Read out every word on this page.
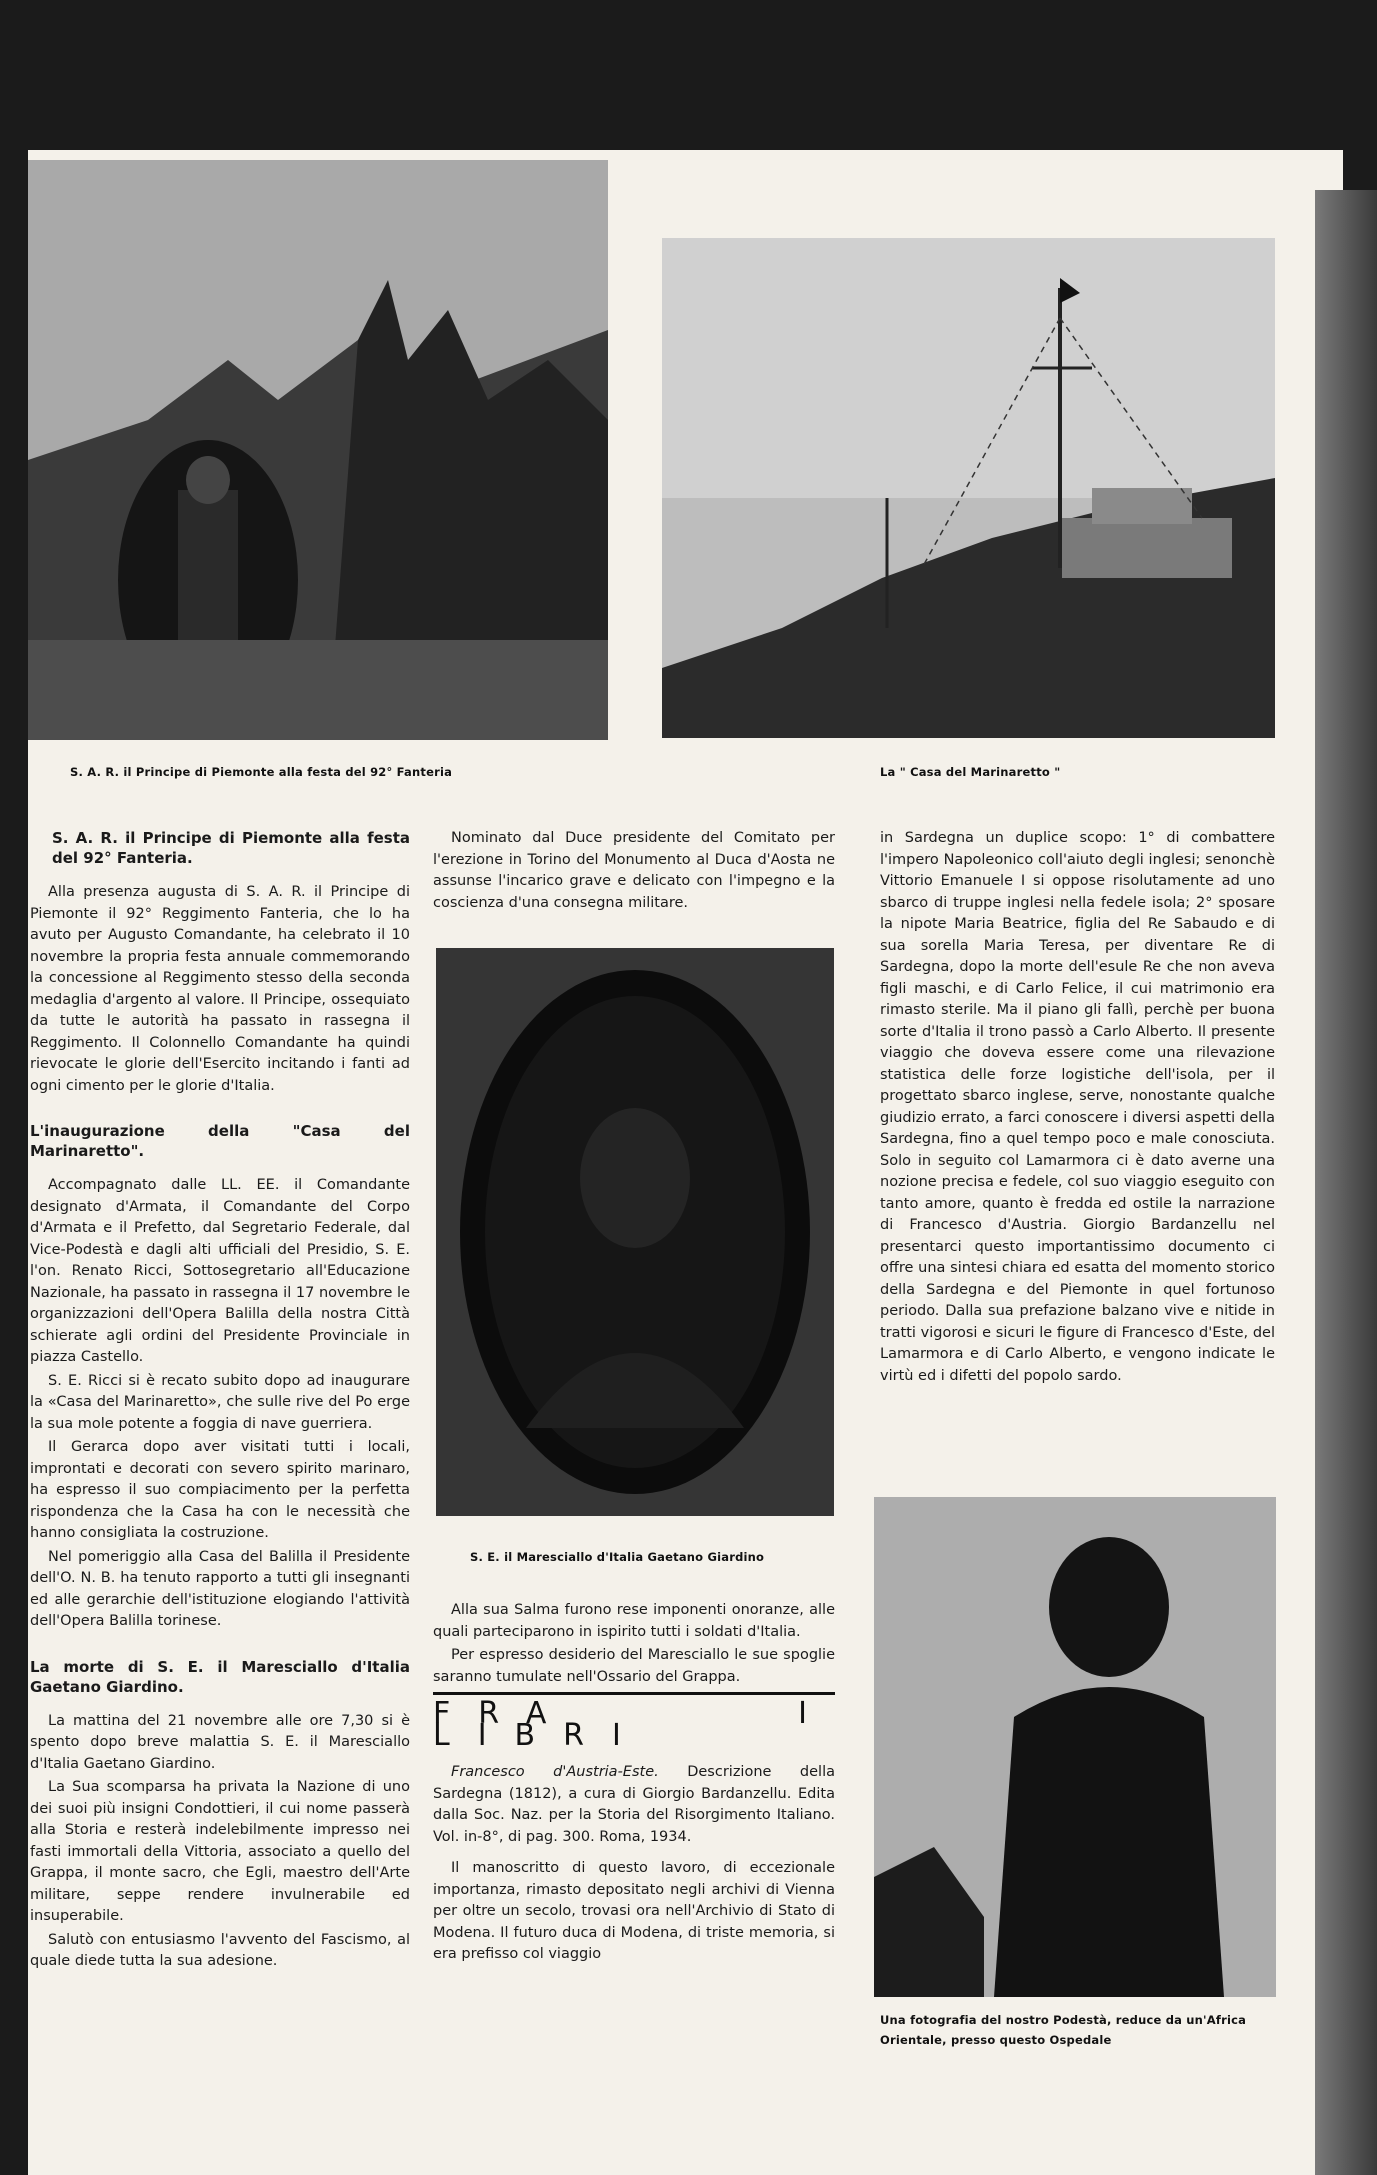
S. A. R. il Principe di Piemonte alla festa del 92° Fanteria	La " Casa del Marinaretto "
S. A. R. il Principe di Piemonte alla festa del 92° Fanteria.

Alla presenza augusta di S. A. R. il Principe di Piemonte il 92° Reggimento Fanteria, che lo ha avuto per Augusto Comandante, ha celebrato il 10 novembre la propria festa annuale commemorando la concessione al Reggimento stesso della seconda medaglia d'argento al valore. Il Principe, ossequiato da tutte le autorità ha passato in rassegna il Reggimento. Il Colonnello Comandante ha quindi rievocate le glorie dell'Esercito incitando i fanti ad ogni cimento per le glorie d'Italia.

L'inaugurazione della "Casa del Marinaretto".

Accompagnato dalle LL. EE. il Comandante designato d'Armata, il Comandante del Corpo d'Armata e il Prefetto, dal Segretario Federale, dal Vice-Podestà e dagli alti ufficiali del Presidio, S. E. l'on. Renato Ricci, Sottosegretario all'Educazione Nazionale, ha passato in rassegna il 17 novembre le organizzazioni dell'Opera Balilla della nostra Città schierate agli ordini del Presidente Provinciale in piazza Castello.

S. E. Ricci si è recato subito dopo ad inaugurare la «Casa del Marinaretto», che sulle rive del Po erge la sua mole potente a foggia di nave guerriera.

Il Gerarca dopo aver visitati tutti i locali, improntati e decorati con severo spirito marinaro, ha espresso il suo compiacimento per la perfetta rispondenza che la Casa ha con le necessità che hanno consigliata la costruzione.

Nel pomeriggio alla Casa del Balilla il Presidente dell'O. N. B. ha tenuto rapporto a tutti gli insegnanti ed alle gerarchie dell'istituzione elogiando l'attività dell'Opera Balilla torinese.

La morte di S. E. il Maresciallo d'Italia Gaetano Giardino.

La mattina del 21 novembre alle ore 7,30 si è spento dopo breve malattia S. E. il Maresciallo d'Italia Gaetano Giardino.

La Sua scomparsa ha privata la Nazione di uno dei suoi più insigni Condottieri, il cui nome passerà alla Storia e resterà indelebilmente impresso nei fasti immortali della Vittoria, associato a quello del Grappa, il monte sacro, che Egli, maestro dell'Arte militare, seppe rendere invulnerabile ed insuperabile.

Salutò con entusiasmo l'avvento del Fascismo, al quale diede tutta la sua adesione.

Nominato dal Duce presidente del Comitato per l'erezione in Torino del Monumento al Duca d'Aosta ne assunse l'incarico grave e delicato con l'impegno e la coscienza d'una consegna militare.

S. E. il Maresciallo d'Italia Gaetano Giardino

Alla sua Salma furono rese imponenti onoranze, alle quali parteciparono in ispirito tutti i soldati d'Italia.

Per espresso desiderio del Maresciallo le sue spoglie saranno tumulate nell'Ossario del Grappa.

FRA I LIBRI

Francesco d'Austria-Este. Descrizione della Sardegna (1812), a cura di Giorgio Bardanzellu. Edita dalla Soc. Naz. per la Storia del Risorgimento Italiano. Vol. in-8°, di pag. 300. Roma, 1934.

Il manoscritto di questo lavoro, di eccezionale importanza, rimasto depositato negli archivi di Vienna per oltre un secolo, trovasi ora nell'Archivio di Stato di Modena. Il futuro duca di Modena, di triste memoria, si era prefisso col viaggio

in Sardegna un duplice scopo: 1° di combattere l'impero Napoleonico coll'aiuto degli inglesi; senonchè Vittorio Emanuele I si oppose risolutamente ad uno sbarco di truppe inglesi nella fedele isola; 2° sposare la nipote Maria Beatrice, figlia del Re Sabaudo e di sua sorella Maria Teresa, per diventare Re di Sardegna, dopo la morte dell'esule Re che non aveva figli maschi, e di Carlo Felice, il cui matrimonio era rimasto sterile. Ma il piano gli fallì, perchè per buona sorte d'Italia il trono passò a Carlo Alberto. Il presente viaggio che doveva essere come una rilevazione statistica delle forze logistiche dell'isola, per il progettato sbarco inglese, serve, nonostante qualche giudizio errato, a farci conoscere i diversi aspetti della Sardegna, fino a quel tempo poco e male conosciuta. Solo in seguito col Lamarmora ci è dato averne una nozione precisa e fedele, col suo viaggio eseguito con tanto amore, quanto è fredda ed ostile la narrazione di Francesco d'Austria. Giorgio Bardanzellu nel presentarci questo importantissimo documento ci offre una sintesi chiara ed esatta del momento storico della Sardegna e del Piemonte in quel fortunoso periodo. Dalla sua prefazione balzano vive e nitide in tratti vigorosi e sicuri le figure di Francesco d'Este, del Lamarmora e di Carlo Alberto, e vengono indicate le virtù ed i difetti del popolo sardo.

Una fotografia del nostro Podestà, reduce da un'Africa Orientale, presso questo Ospedale
